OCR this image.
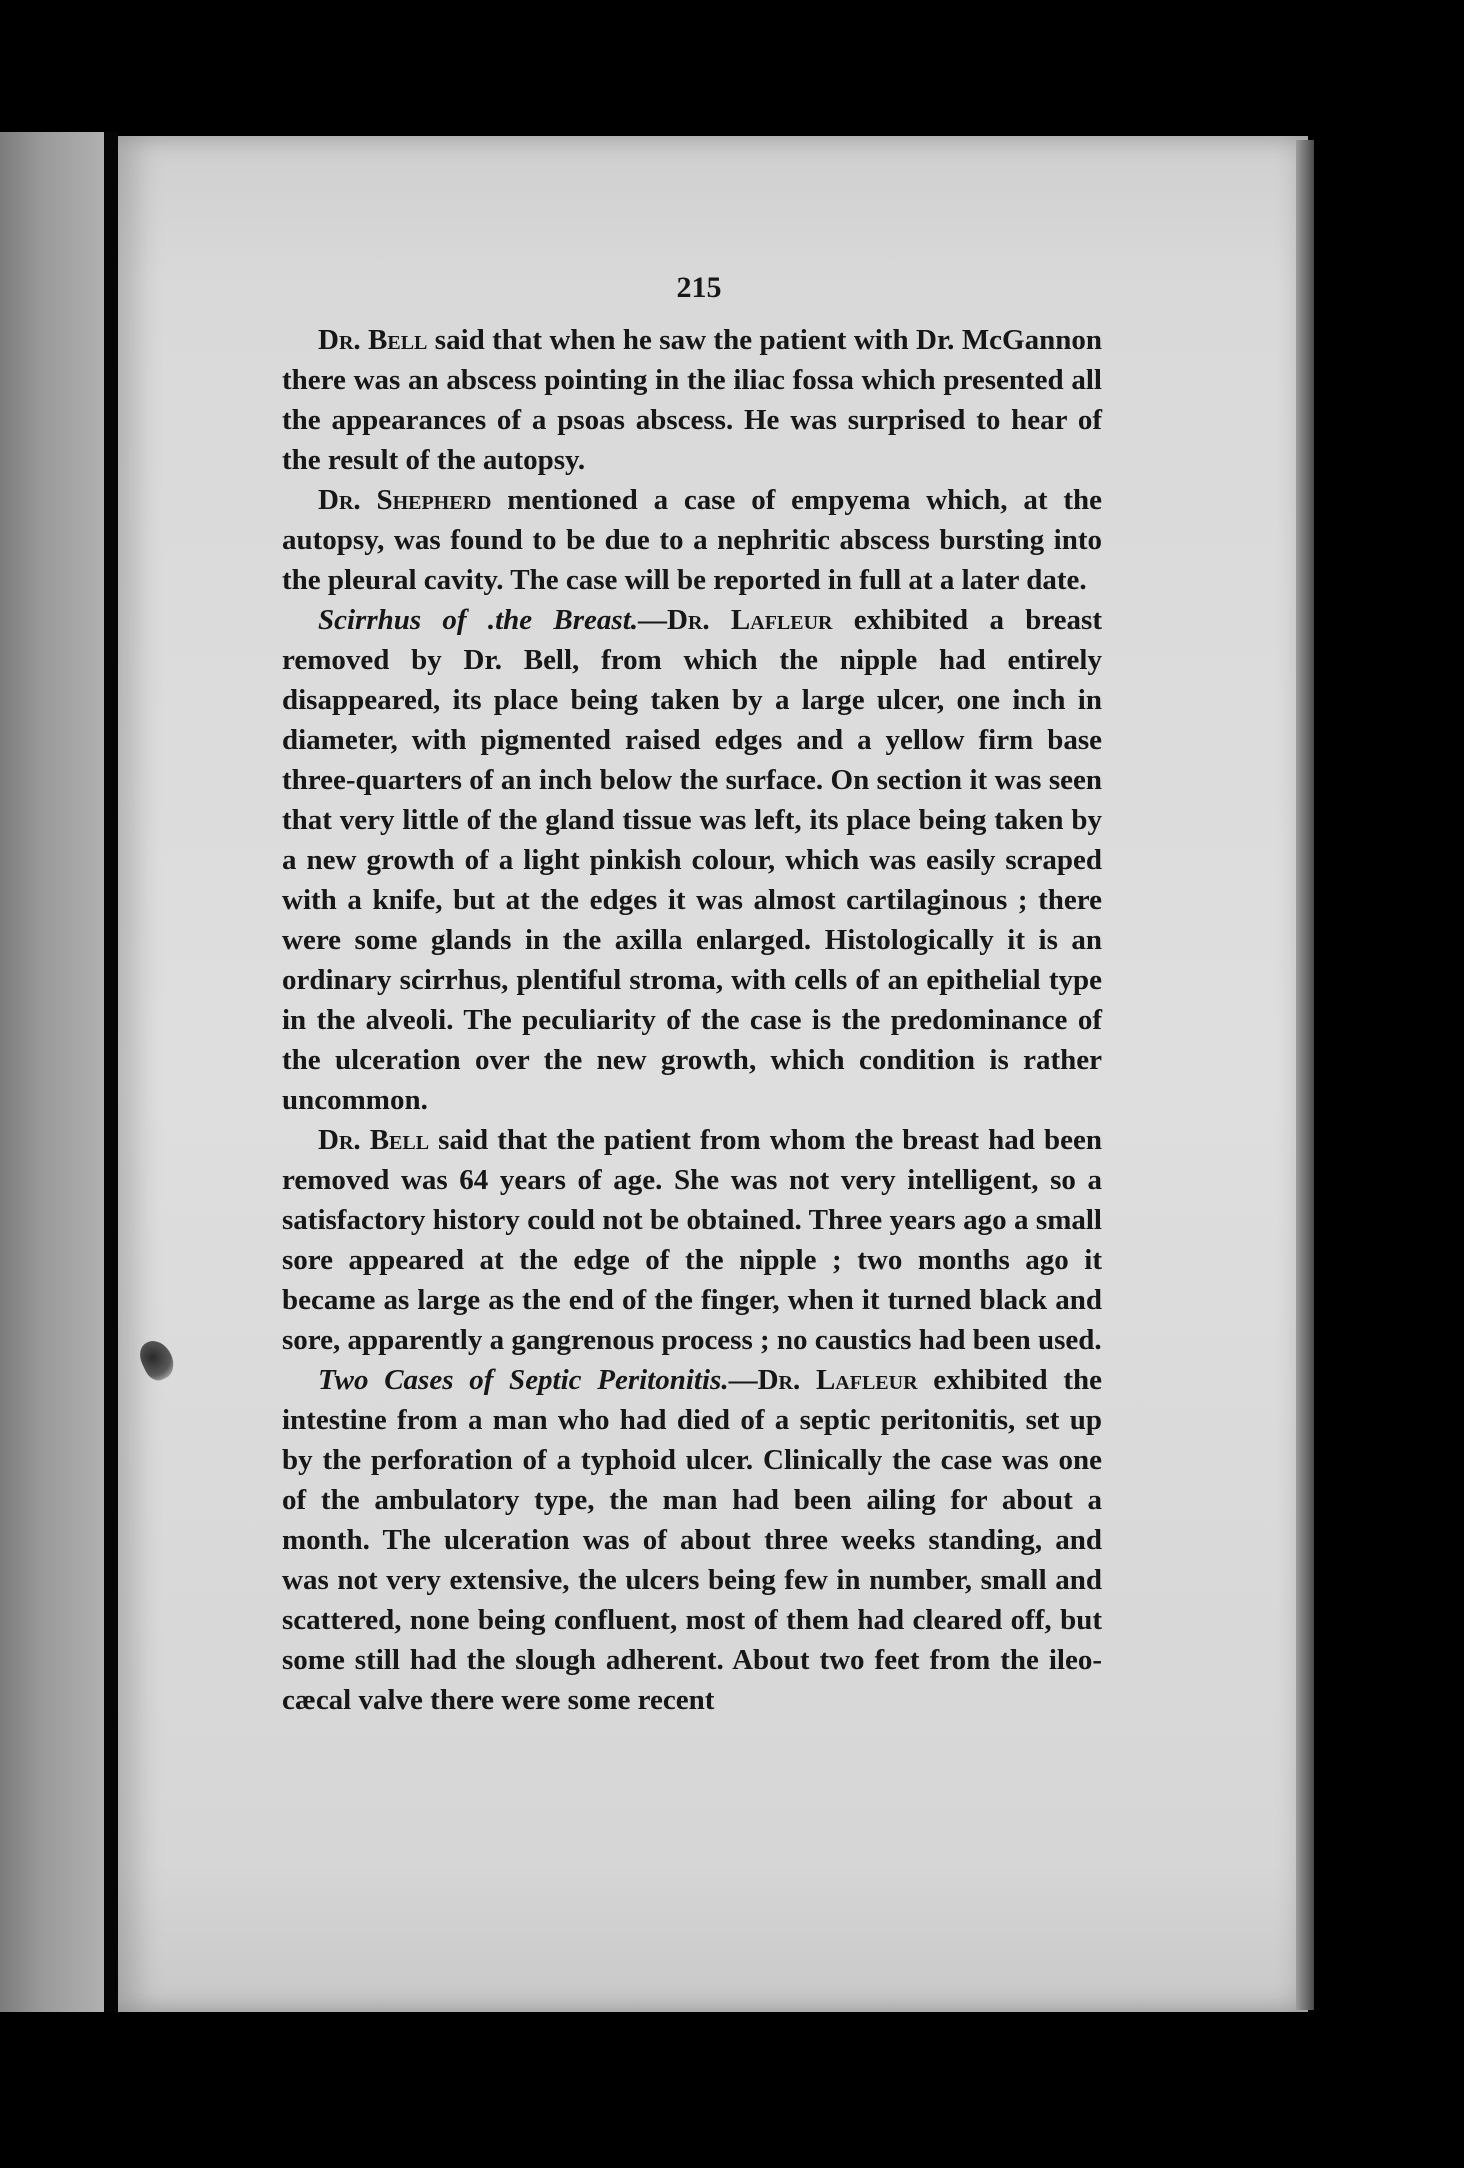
215

Dr. Bell said that when he saw the patient with Dr. McGannon there was an abscess pointing in the iliac fossa which presented all the appearances of a psoas abscess. He was surprised to hear of the result of the autopsy.

Dr. Shepherd mentioned a case of empyema which, at the autopsy, was found to be due to a nephritic abscess bursting into the pleural cavity. The case will be reported in full at a later date.

Scirrhus of .the Breast.—Dr. Lafleur exhibited a breast removed by Dr. Bell, from which the nipple had entirely disappeared, its place being taken by a large ulcer, one inch in diameter, with pigmented raised edges and a yellow firm base three-quarters of an inch below the surface. On section it was seen that very little of the gland tissue was left, its place being taken by a new growth of a light pinkish colour, which was easily scraped with a knife, but at the edges it was almost cartilaginous ; there were some glands in the axilla enlarged. Histologically it is an ordinary scirrhus, plentiful stroma, with cells of an epithelial type in the alveoli. The peculiarity of the case is the predominance of the ulceration over the new growth, which condition is rather uncommon.

Dr. Bell said that the patient from whom the breast had been removed was 64 years of age. She was not very intelligent, so a satisfactory history could not be obtained. Three years ago a small sore appeared at the edge of the nipple ; two months ago it became as large as the end of the finger, when it turned black and sore, apparently a gangrenous process ; no caustics had been used.

Two Cases of Septic Peritonitis.—Dr. Lafleur exhibited the intestine from a man who had died of a septic peritonitis, set up by the perforation of a typhoid ulcer. Clinically the case was one of the ambulatory type, the man had been ailing for about a month. The ulceration was of about three weeks standing, and was not very extensive, the ulcers being few in number, small and scattered, none being confluent, most of them had cleared off, but some still had the slough adherent. About two feet from the ileo-cæcal valve there were some recent
